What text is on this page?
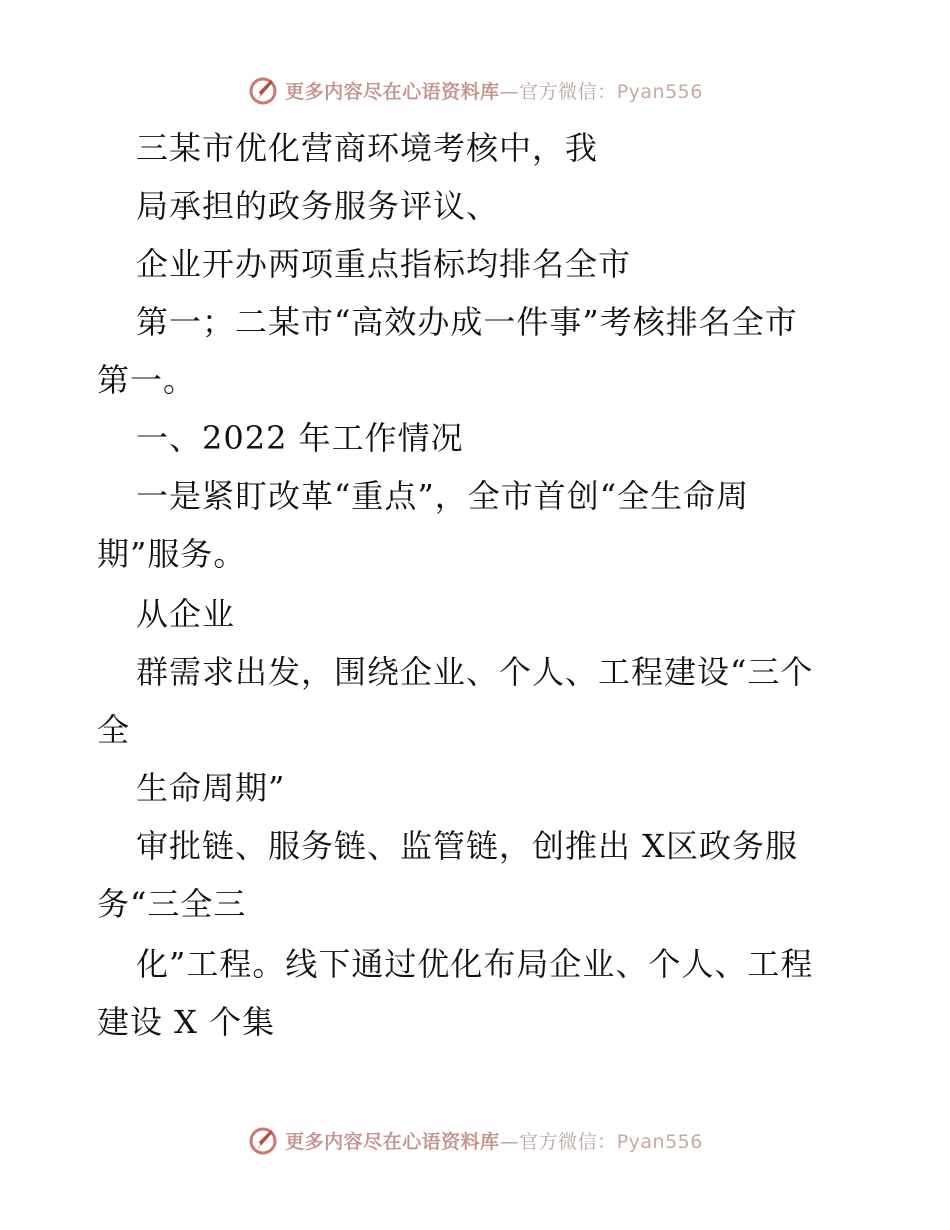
更多内容尽在心语资料库—官方微信：Pyan556
三某市优化营商环境考核中，我
局承担的政务服务评议、
企业开办两项重点指标均排名全市
第一；二某市“高效办成一件事”考核排名全市
第一。
一、2022 年工作情况
一是紧盯改革“重点”，全市首创“全生命周
期”服务。
从企业
群需求出发，围绕企业、个人、工程建设“三个
全
生命周期”
审批链、服务链、监管链，创推出 X区政务服
务“三全三
化”工程。线下通过优化布局企业、个人、工程
建设 X 个集
更多内容尽在心语资料库—官方微信：Pyan556
